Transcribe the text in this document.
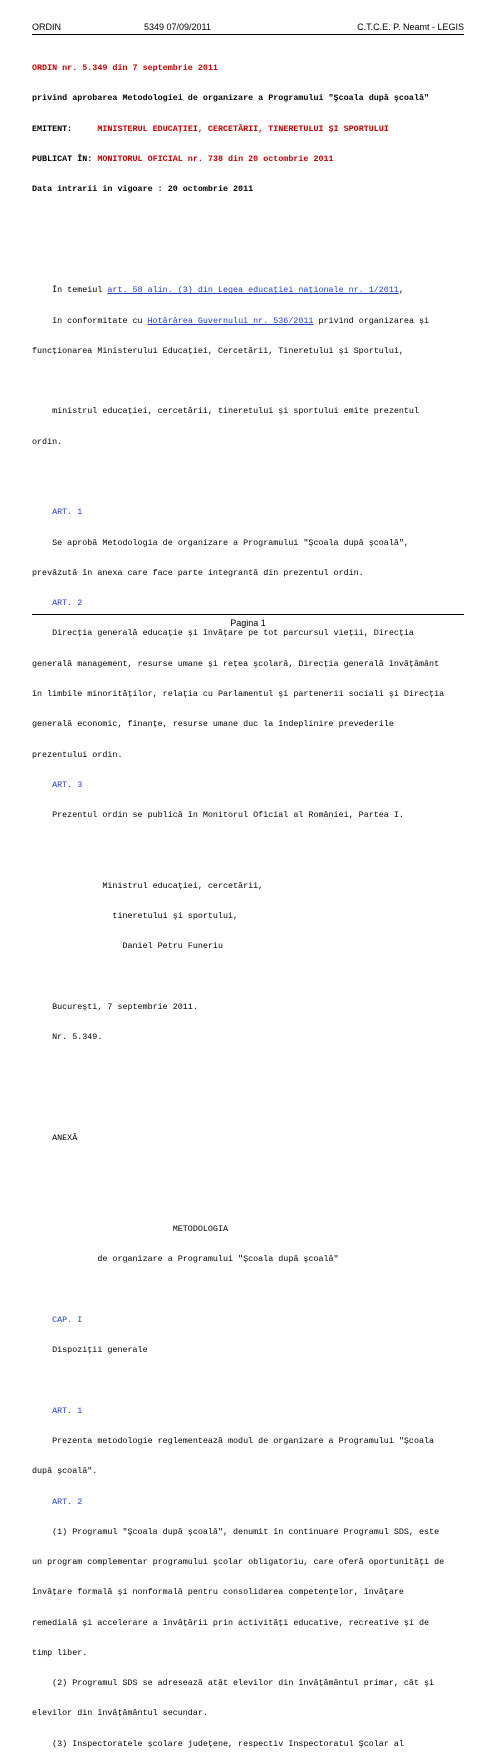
ORDIN	5349 07/09/2011	C.T.C.E. P. Neamt - LEGIS

ORDIN nr. 5.349 din 7 septembrie 2011

privind aprobarea Metodologiei de organizare a Programului "Şcoala după şcoală"

EMITENT:	MINISTERUL EDUCAŢIEI, CERCETĂRII, TINERETULUI ŞI SPORTULUI

PUBLICAT ÎN: MONITORUL OFICIAL nr. 738 din 20 octombrie 2011

Data intrarii in vigoare : 20 octombrie 2011

În temeiul art. 58 alin. (3) din Legea educaţiei naţionale nr. 1/2011,

în conformitate cu Hotărârea Guvernului nr. 536/2011 privind organizarea şi

funcţionarea Ministerului Educaţiei, Cercetării, Tineretului şi Sportului,

ministrul educaţiei, cercetării, tineretului şi sportului emite prezentul

ordin.

ART. 1

Se aprobă Metodologia de organizare a Programului "Şcoala după şcoală",

prevăzută în anexa care face parte integrantă din prezentul ordin.

ART. 2

Direcţia generală educaţie şi învăţare pe tot parcursul vieţii, Direcţia

generală management, resurse umane şi reţea şcolară, Direcţia generală învăţământ

în limbile minorităţilor, relaţia cu Parlamentul şi partenerii sociali şi Direcţia

generală economic, finanţe, resurse umane duc la îndeplinire prevederile

prezentului ordin.

ART. 3

Prezentul ordin se publică în Monitorul Oficial al României, Partea I.

Ministrul educaţiei, cercetării,

tineretului şi sportului,

Daniel Petru Funeriu

Bucureşti, 7 septembrie 2011.

Nr. 5.349.

ANEXĂ

METODOLOGIA

de organizare a Programului "Şcoala după şcoală"

CAP. I

Dispoziţii generale

ART. 1

Prezenta metodologie reglementează modul de organizare a Programului "Şcoala

după şcoală".

ART. 2

(1) Programul "Şcoala după şcoală", denumit în continuare Programul SDS, este

un program complementar programului şcolar obligatoriu, care oferă oportunităţi de

învăţare formală şi nonformală pentru consolidarea competenţelor, învăţare

remedială şi accelerare a învăţării prin activităţi educative, recreative şi de

timp liber.

(2) Programul SDS se adresează atât elevilor din învăţământul primar, cât şi

elevilor din învăţământul secundar.

(3) Inspectoratele şcolare judeţene, respectiv Inspectoratul Şcolar al

Pagina 1
